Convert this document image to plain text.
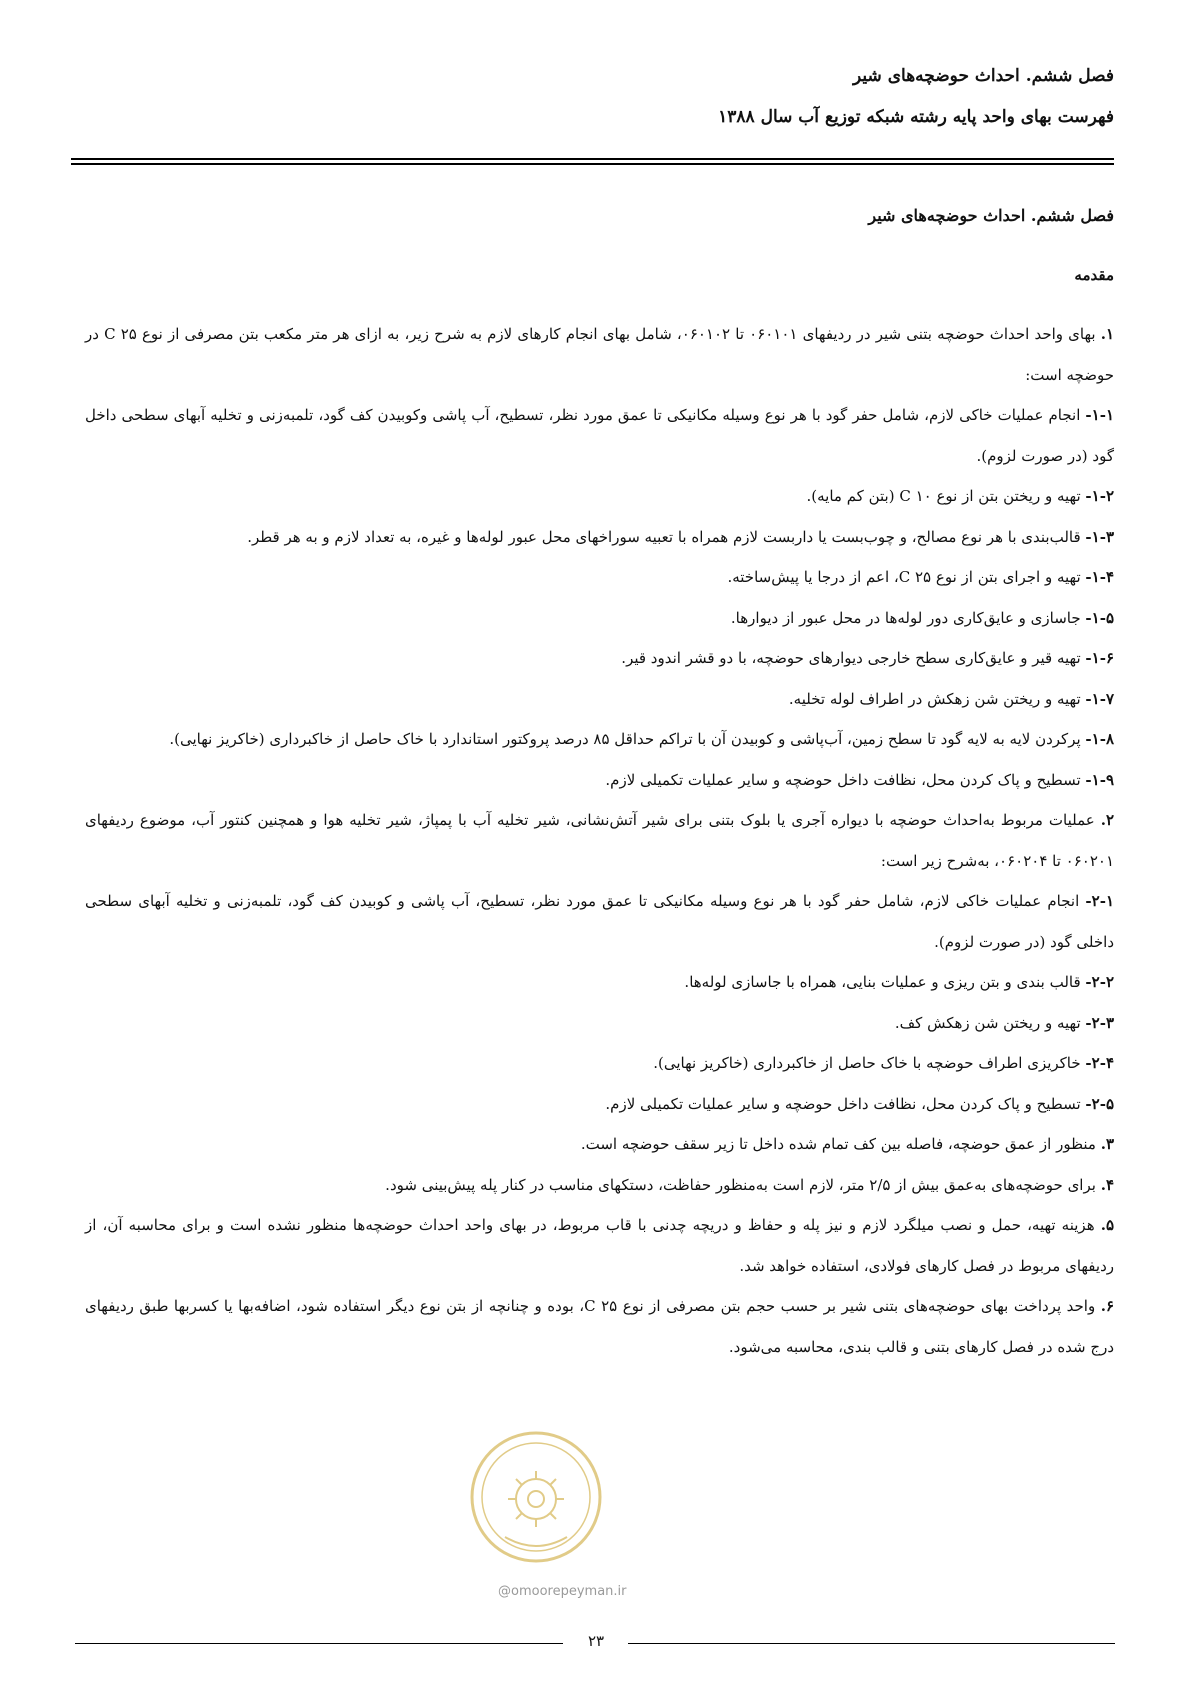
فصل ششم. احداث حوضچه‌های شیر
فهرست بهای واحد پایه رشته شبکه توزیع آب سال ۱۳۸۸
فصل ششم. احداث حوضچه‌های شیر
مقدمه

۱. بهای واحد احداث حوضچه بتنی شیر در ردیفهای ۰۶۰۱۰۱ تا ۰۶۰۱۰۲، شامل بهای انجام کارهای لازم به شرح زیر، به ازای هر متر مکعب بتن مصرفی از نوع C ۲۵ در حوضچه است:

۱-۱- انجام عملیات خاکی لازم، شامل حفر گود با هر نوع وسیله مکانیکی تا عمق مورد نظر، تسطیح، آب پاشی وکوبیدن کف گود، تلمبه‌زنی و تخلیه آبهای سطحی داخل گود (در صورت لزوم).

۱-۲- تهیه و ریختن بتن از نوع C ۱۰ (بتن کم مایه).

۱-۳- قالب‌بندی با هر نوع مصالح، و چوب‌بست یا داربست لازم همراه با تعبیه سوراخهای محل عبور لوله‌ها و غیره، به تعداد لازم و به هر قطر.

۱-۴- تهیه و اجرای بتن از نوع C ۲۵، اعم از درجا یا پیش‌ساخته.

۱-۵- جاسازی و عایق‌کاری دور لوله‌ها در محل عبور از دیوارها.

۱-۶- تهیه قیر و عایق‌کاری سطح خارجی دیوارهای حوضچه، با دو قشر اندود قیر.

۱-۷- تهیه و ریختن شن زهکش در اطراف لوله تخلیه.

۱-۸- پرکردن لایه به لایه گود تا سطح زمین، آب‌پاشی و کوبیدن آن با تراکم حداقل ۸۵ درصد پروکتور استاندارد با خاک حاصل از خاکبرداری (خاکریز نهایی).

۱-۹- تسطیح و پاک کردن محل، نظافت داخل حوضچه و سایر عملیات تکمیلی لازم.

۲. عملیات مربوط به‌احداث حوضچه با دیواره آجری یا بلوک بتنی برای شیر آتش‌نشانی، شیر تخلیه آب با پمپاژ، شیر تخلیه هوا و همچنین کنتور آب، موضوع ردیفهای ۰۶۰۲۰۱ تا ۰۶۰۲۰۴، به‌شرح زیر است:

۲-۱- انجام عملیات خاکی لازم، شامل حفر گود با هر نوع وسیله مکانیکی تا عمق مورد نظر، تسطیح، آب پاشی و کوبیدن کف گود، تلمبه‌زنی و تخلیه آبهای سطحی داخلی گود (در صورت لزوم).

۲-۲- قالب بندی و بتن ریزی و عملیات بنایی، همراه با جاسازی لوله‌ها.

۲-۳- تهیه و ریختن شن زهکش کف.

۲-۴- خاکریزی اطراف حوضچه با خاک حاصل از خاکبرداری (خاکریز نهایی).

۲-۵- تسطیح و پاک کردن محل، نظافت داخل حوضچه و سایر عملیات تکمیلی لازم.

۳. منظور از عمق حوضچه، فاصله بین کف تمام شده داخل تا زیر سقف حوضچه است.

۴. برای حوضچه‌های به‌عمق بیش از ۲/۵ متر، لازم است به‌منظور حفاظت، دستکهای مناسب در کنار پله پیش‌بینی شود.

۵. هزینه تهیه، حمل و نصب میلگرد لازم و نیز پله و حفاظ و دریچه چدنی با قاب مربوط، در بهای واحد احداث حوضچه‌ها منظور نشده است و برای محاسبه آن، از ردیفهای مربوط در فصل کارهای فولادی، استفاده خواهد شد.

۶. واحد پرداخت بهای حوضچه‌های بتنی شیر بر حسب حجم بتن مصرفی از نوع C ۲۵، بوده و چنانچه از بتن نوع دیگر استفاده شود، اضافه‌بها یا کسربها طبق ردیفهای درج شده در فصل کارهای بتنی و قالب بندی، محاسبه می‌شود.

@omoorepeyman.ir
۲۳
